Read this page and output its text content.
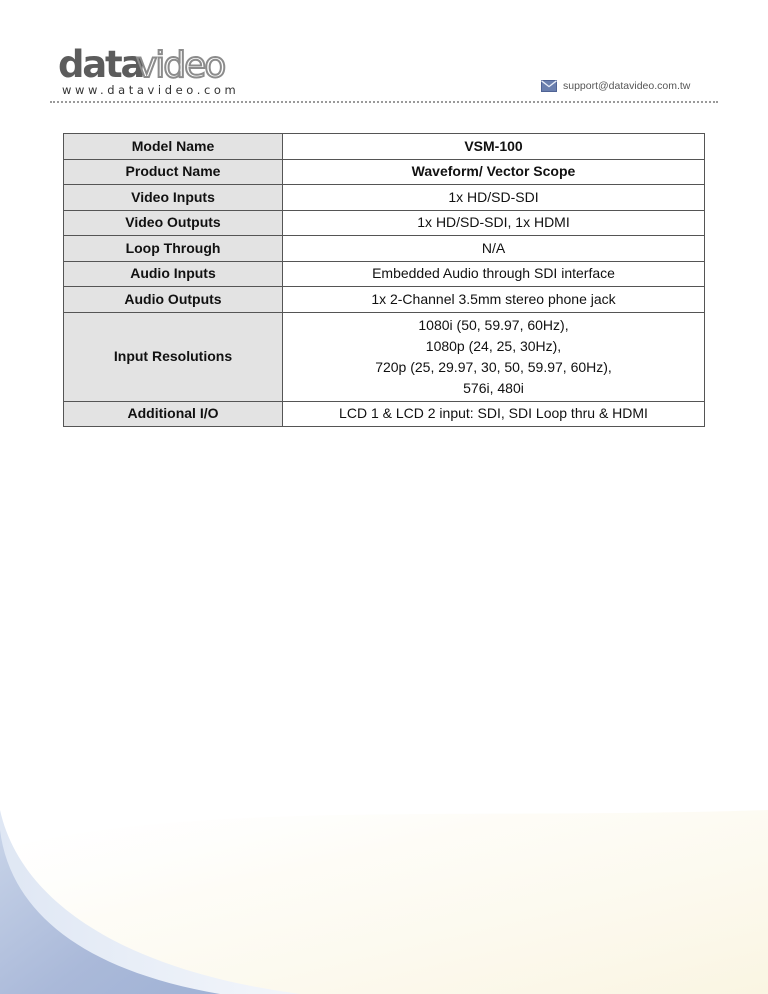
data
video
www.datavideo.com	support@datavideo.com.tw
Model Name	VSM-100
Product Name	Waveform/ Vector Scope
Video Inputs	1x HD/SD-SDI
Video Outputs	1x HD/SD-SDI, 1x HDMI
Loop Through	N/A
Audio Inputs	Embedded Audio through SDI interface
Audio Outputs	1x 2-Channel 3.5mm stereo phone jack
Input Resolutions	1080i (50, 59.97, 60Hz),
1080p (24, 25, 30Hz),
720p (25, 29.97, 30, 50, 59.97, 60Hz),
576i, 480i

Additional I/O	LCD 1 & LCD 2 input: SDI, SDI Loop thru & HDMI
